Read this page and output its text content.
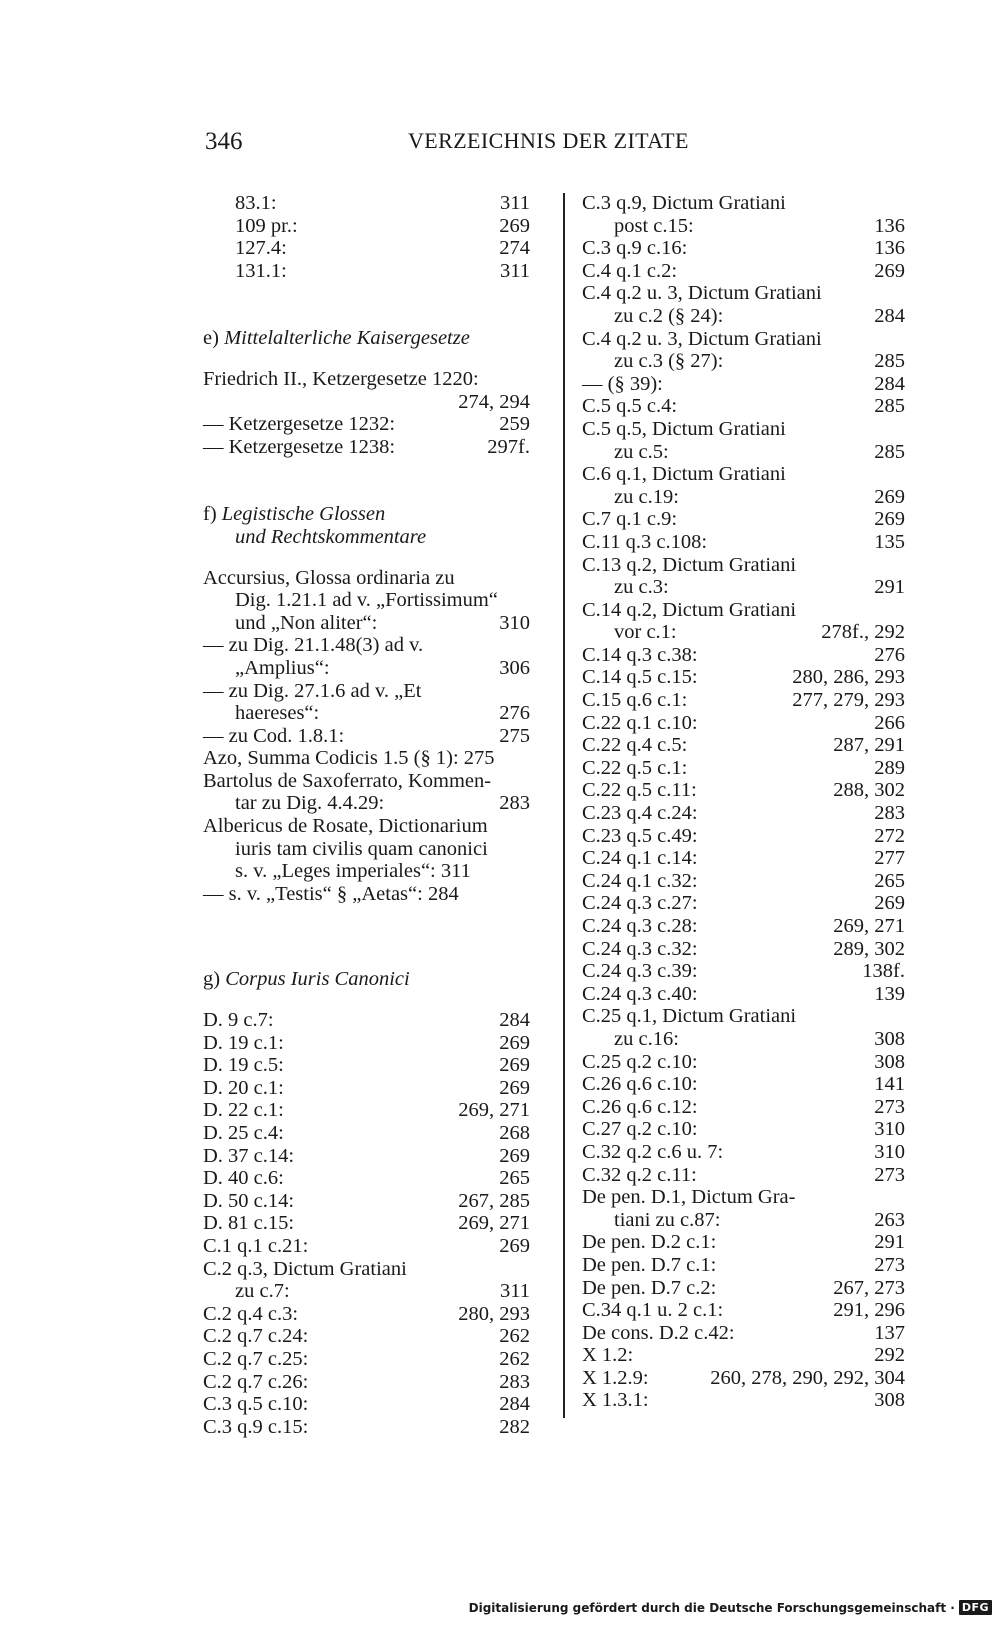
346	VERZEICHNIS DER ZITATE
83.1:	311
109 pr.:	269
127.4:	274
131.1:	311
e) Mittelalterliche Kaisergesetze
Friedrich II., Ketzergesetze 1220:
274, 294
— Ketzergesetze 1232:	259
— Ketzergesetze 1238:	297f.
f) Legistische Glossen
und Rechtskommentare
Accursius, Glossa ordinaria zu
Dig. 1.21.1 ad v. „Fortissimum“
und „Non aliter“:	310
— zu Dig. 21.1.48(3) ad v.
„Amplius“:	306
— zu Dig. 27.1.6 ad v. „Et
haereses“:	276
— zu Cod. 1.8.1:	275
Azo, Summa Codicis 1.5 (§ 1): 275
Bartolus de Saxoferrato, Kommen-
tar zu Dig. 4.4.29:	283
Albericus de Rosate, Dictionarium
iuris tam civilis quam canonici
s. v. „Leges imperiales“: 311
— s. v. „Testis“ § „Aetas“: 284
g) Corpus Iuris Canonici
D. 9 c.7:	284
D. 19 c.1:	269
D. 19 c.5:	269
D. 20 c.1:	269
D. 22 c.1:	269, 271
D. 25 c.4:	268
D. 37 c.14:	269
D. 40 c.6:	265
D. 50 c.14:	267, 285
D. 81 c.15:	269, 271
C.1 q.1 c.21:	269
C.2 q.3, Dictum Gratiani
zu c.7:	311
C.2 q.4 c.3:	280, 293
C.2 q.7 c.24:	262
C.2 q.7 c.25:	262
C.2 q.7 c.26:	283
C.3 q.5 c.10:	284
C.3 q.9 c.15:	282
C.3 q.9, Dictum Gratiani
post c.15:	136
C.3 q.9 c.16:	136
C.4 q.1 c.2:	269
C.4 q.2 u. 3, Dictum Gratiani
zu c.2 (§ 24):	284
C.4 q.2 u. 3, Dictum Gratiani
zu c.3 (§ 27):	285
— (§ 39):	284
C.5 q.5 c.4:	285
C.5 q.5, Dictum Gratiani
zu c.5:	285
C.6 q.1, Dictum Gratiani
zu c.19:	269
C.7 q.1 c.9:	269
C.11 q.3 c.108:	135
C.13 q.2, Dictum Gratiani
zu c.3:	291
C.14 q.2, Dictum Gratiani
vor c.1:	278f., 292
C.14 q.3 c.38:	276
C.14 q.5 c.15:	280, 286, 293
C.15 q.6 c.1:	277, 279, 293
C.22 q.1 c.10:	266
C.22 q.4 c.5:	287, 291
C.22 q.5 c.1:	289
C.22 q.5 c.11:	288, 302
C.23 q.4 c.24:	283
C.23 q.5 c.49:	272
C.24 q.1 c.14:	277
C.24 q.1 c.32:	265
C.24 q.3 c.27:	269
C.24 q.3 c.28:	269, 271
C.24 q.3 c.32:	289, 302
C.24 q.3 c.39:	138f.
C.24 q.3 c.40:	139
C.25 q.1, Dictum Gratiani
zu c.16:	308
C.25 q.2 c.10:	308
C.26 q.6 c.10:	141
C.26 q.6 c.12:	273
C.27 q.2 c.10:	310
C.32 q.2 c.6 u. 7:	310
C.32 q.2 c.11:	273
De pen. D.1, Dictum Gra-
tiani zu c.87:	263
De pen. D.2 c.1:	291
De pen. D.7 c.1:	273
De pen. D.7 c.2:	267, 273
C.34 q.1 u. 2 c.1:	291, 296
De cons. D.2 c.42:	137
X 1.2:	292
X 1.2.9:	260, 278, 290, 292, 304
X 1.3.1:	308
Digitalisierung gefördert durch die Deutsche Forschungsgemeinschaft · DFG
